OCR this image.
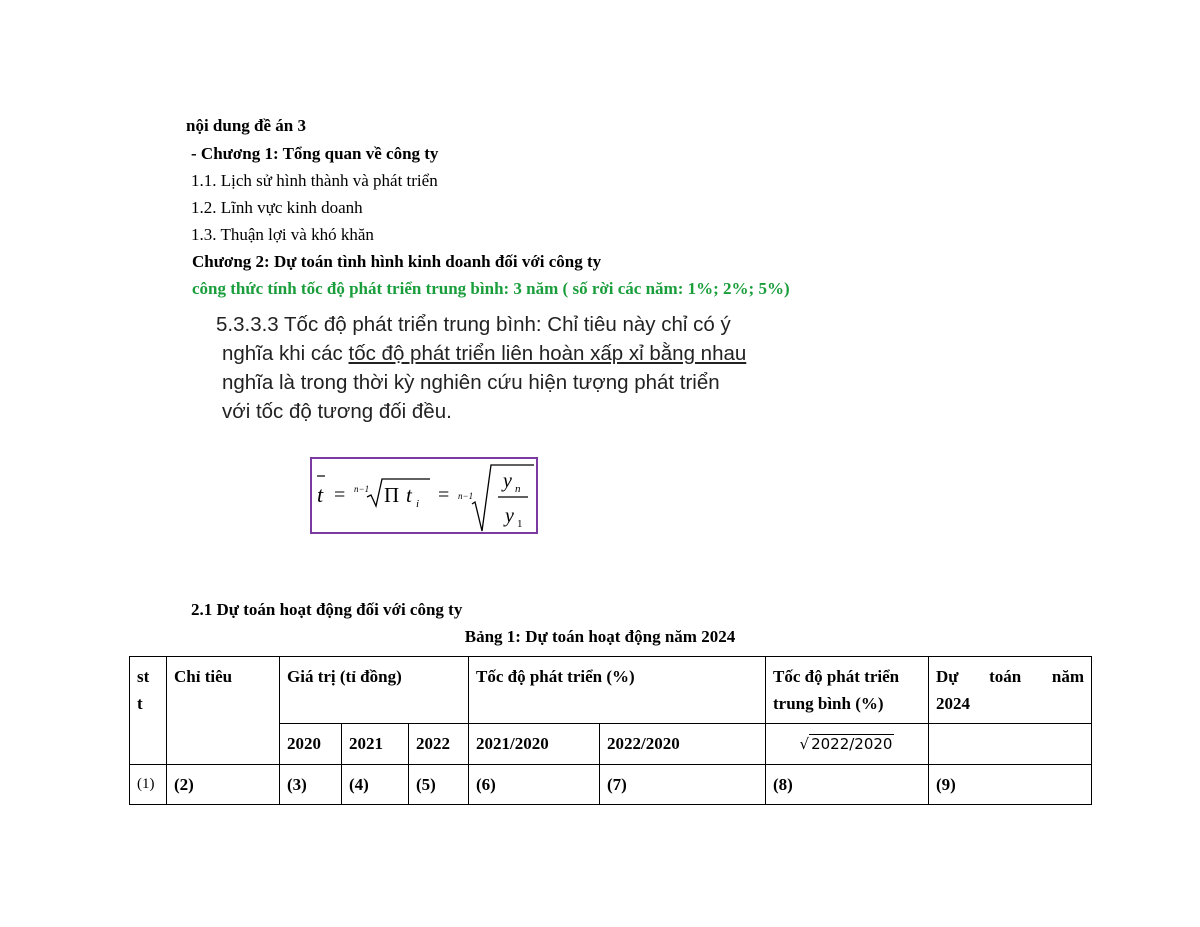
nội dung đề án 3
- Chương 1: Tổng quan về công ty
1.1. Lịch sử hình thành và phát triển
1.2. Lĩnh vực kinh doanh
1.3. Thuận lợi và khó khăn
Chương 2: Dự toán tình hình kinh doanh đối với công ty
công thức tính tốc độ phát triển trung bình: 3 năm ( số rời các năm: 1%; 2%; 5%)
5.3.3.3 Tốc độ phát triển trung bình: Chỉ tiêu này chỉ có ý
nghĩa khi các tốc độ phát triển liên hoàn xấp xỉ bằng nhau
nghĩa là trong thời kỳ nghiên cứu hiện tượng phát triển
với tốc độ tương đối đều.
t = n−1 Π t i = n−1
y n
y 1
2.1 Dự toán hoạt động đối với công ty
Bảng 1: Dự toán hoạt động năm 2024
st t	Chỉ tiêu	Giá trị (tỉ đồng)			Tốc độ phát triển (%)		Tốc độ phát triển trung bình (%)	Dự toán năm
2024

		2020	2021	2022	2021/2020	2022/2020	√ 2022/2020	
(1)	(2)	(3)	(4)	(5)	(6)	(7)	(8)	(9)
